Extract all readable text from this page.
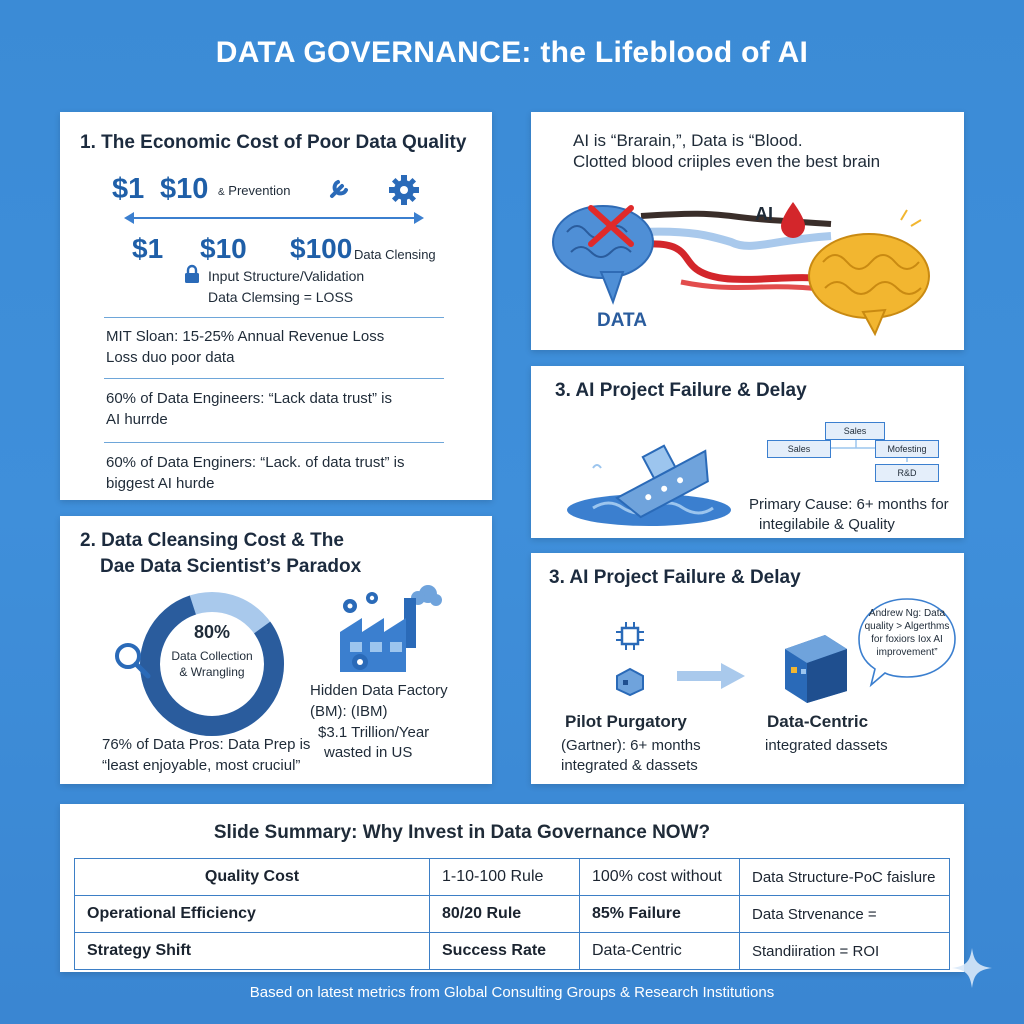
DATA GOVERNANCE: the Lifeblood of AI
1. The Economic Cost of Poor Data Quality
$1 $10 & Prevention
$1 $10 $100 Data Clensing
Input Structure/Validation
Data Clemsing = LOSS
MIT Sloan: 15-25% Annual Revenue Loss
Loss duo poor data
60% of Data Engineers: “Lack data trust” is
AI hurrde
60% of Data Enginers: “Lack. of data trust” is
biggest AI hurde
AI is “Brarain,”, Data is “Blood.
Clotted blood criiples even the best brain
AI
DATA
3. AI Project Failure & Delay
Sales
Sales	Mofesting
R&D
Primary Cause: 6+ months for
integilabile & Quality
2. Data Cleansing Cost & The
Dae Data Scientist’s Paradox
80%
Data Collection
& Wrangling
Hidden Data Factory
(BM): (IBM)
$3.1 Trillion/Year
wasted in US
76% of Data Pros: Data Prep is
“least enjoyable, most cruciul”
3. AI Project Failure & Delay
Andrew Ng: Data
quality > Algerthms
for foxiors Iox AI
improvement”
Pilot Purgatory
(Gartner): 6+ months
integrated & dassets
Data-Centric
integrated dassets
Slide Summary: Why Invest in Data Governance NOW?
Quality Cost	1-10-100 Rule	100% cost without	Data Structure-PoC faislure
Operational Efficiency	80/20 Rule	85% Failure	Data Strvenance =
Strategy Shift	Success Rate	Data-Centric	Standiiration = ROI
Based on latest metrics from Global Consulting Groups & Research Institutions
